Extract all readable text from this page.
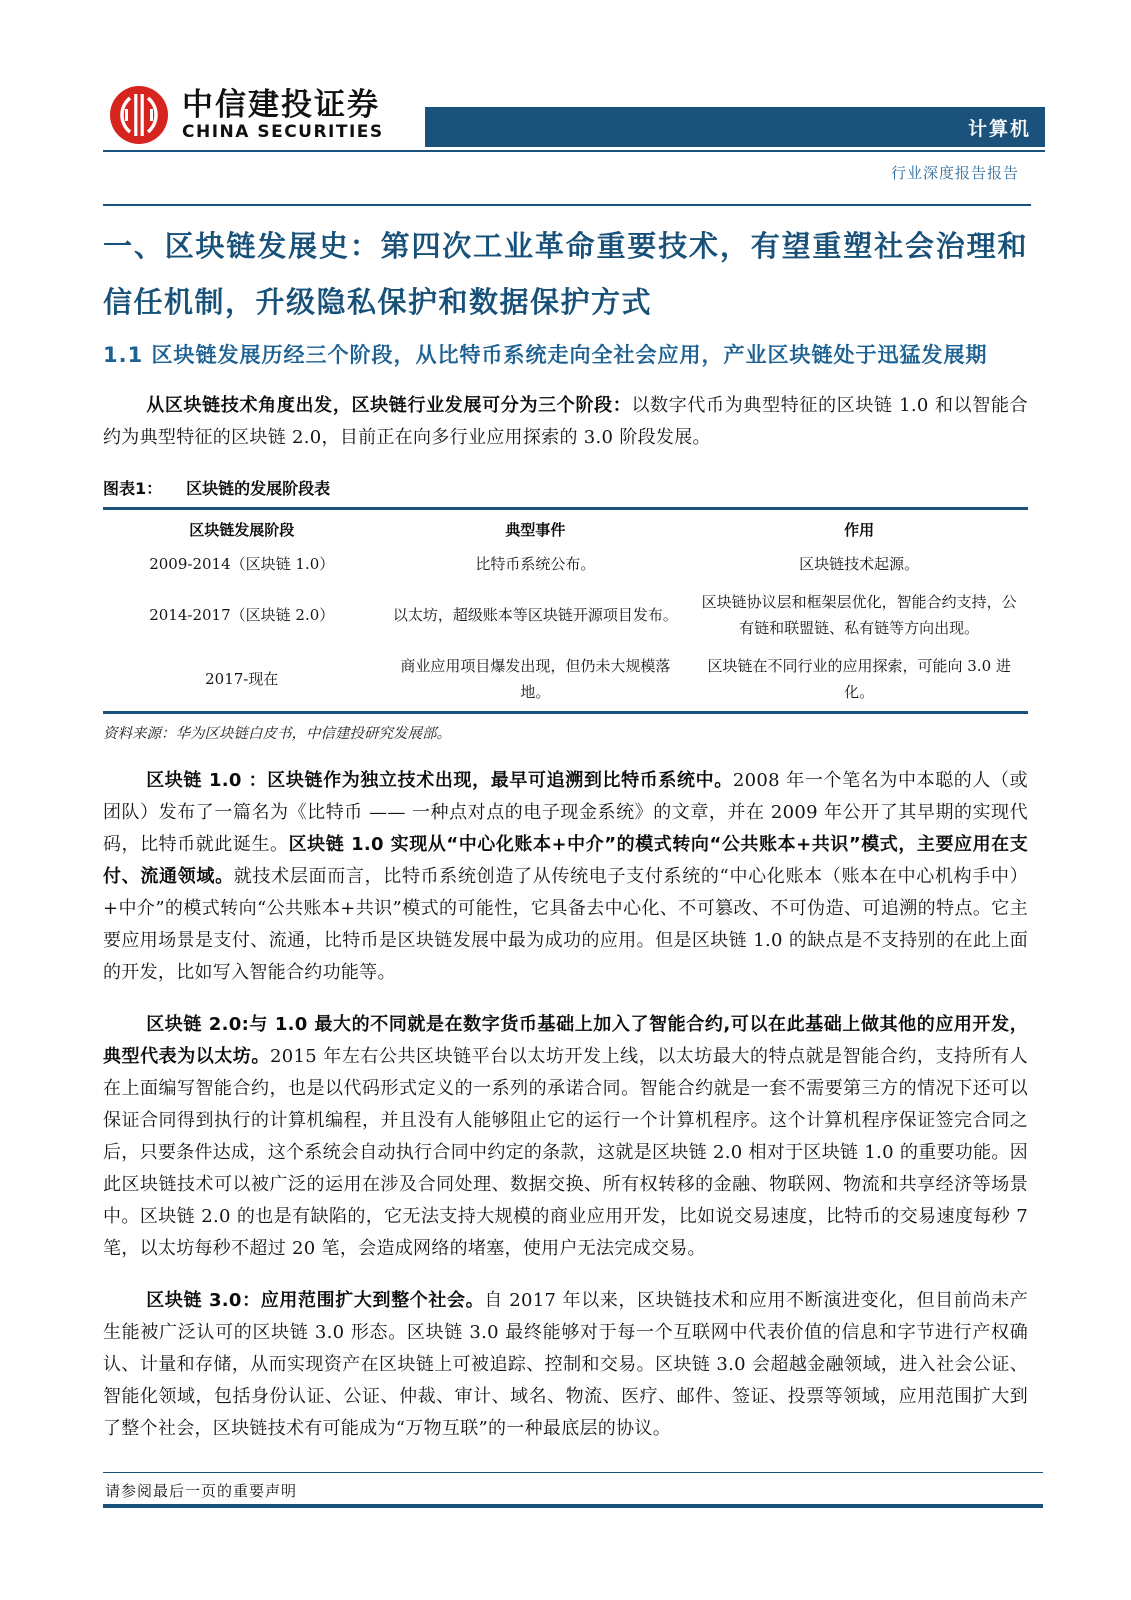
中信建投证券
CHINA SECURITIES	计算机
行业深度报告报告
一、区块链发展史：第四次工业革命重要技术，有望重塑社会治理和信任机制，升级隐私保护和数据保护方式
1.1 区块链发展历经三个阶段，从比特币系统走向全社会应用，产业区块链处于迅猛发展期

从区块链技术角度出发，区块链行业发展可分为三个阶段：以数字代币为典型特征的区块链 1.0 和以智能合约为典型特征的区块链 2.0，目前正在向多行业应用探索的 3.0 阶段发展。

图表1： 区块链的发展阶段表
区块链发展阶段	典型事件	作用
2009-2014（区块链 1.0）	比特币系统公布。	区块链技术起源。
2014-2017（区块链 2.0）	以太坊，超级账本等区块链开源项目发布。	区块链协议层和框架层优化，智能合约支持，公有链和联盟链、私有链等方向出现。
2017-现在	商业应用项目爆发出现，但仍未大规模落地。	区块链在不同行业的应用探索，可能向 3.0 进化。
资料来源：华为区块链白皮书，中信建投研究发展部。

区块链 1.0 ：区块链作为独立技术出现，最早可追溯到比特币系统中。2008 年一个笔名为中本聪的人（或团队）发布了一篇名为《比特币 —— 一种点对点的电子现金系统》的文章，并在 2009 年公开了其早期的实现代码，比特币就此诞生。区块链 1.0 实现从“中心化账本+中介”的模式转向“公共账本+共识”模式，主要应用在支付、流通领域。就技术层面而言，比特币系统创造了从传统电子支付系统的“中心化账本（账本在中心机构手中）+中介”的模式转向“公共账本+共识”模式的可能性，它具备去中心化、不可篡改、不可伪造、可追溯的特点。它主要应用场景是支付、流通，比特币是区块链发展中最为成功的应用。但是区块链 1.0 的缺点是不支持别的在此上面的开发，比如写入智能合约功能等。

区块链 2.0:与 1.0 最大的不同就是在数字货币基础上加入了智能合约,可以在此基础上做其他的应用开发，典型代表为以太坊。2015 年左右公共区块链平台以太坊开发上线，以太坊最大的特点就是智能合约，支持所有人在上面编写智能合约，也是以代码形式定义的一系列的承诺合同。智能合约就是一套不需要第三方的情况下还可以保证合同得到执行的计算机编程，并且没有人能够阻止它的运行一个计算机程序。这个计算机程序保证签完合同之后，只要条件达成，这个系统会自动执行合同中约定的条款，这就是区块链 2.0 相对于区块链 1.0 的重要功能。因此区块链技术可以被广泛的运用在涉及合同处理、数据交换、所有权转移的金融、物联网、物流和共享经济等场景中。区块链 2.0 的也是有缺陷的，它无法支持大规模的商业应用开发，比如说交易速度，比特币的交易速度每秒 7 笔，以太坊每秒不超过 20 笔，会造成网络的堵塞，使用户无法完成交易。

区块链 3.0：应用范围扩大到整个社会。自 2017 年以来，区块链技术和应用不断演进变化，但目前尚未产生能被广泛认可的区块链 3.0 形态。区块链 3.0 最终能够对于每一个互联网中代表价值的信息和字节进行产权确认、计量和存储，从而实现资产在区块链上可被追踪、控制和交易。区块链 3.0 会超越金融领域，进入社会公证、智能化领域，包括身份认证、公证、仲裁、审计、域名、物流、医疗、邮件、签证、投票等领域，应用范围扩大到了整个社会，区块链技术有可能成为“万物互联”的一种最底层的协议。

请参阅最后一页的重要声明
